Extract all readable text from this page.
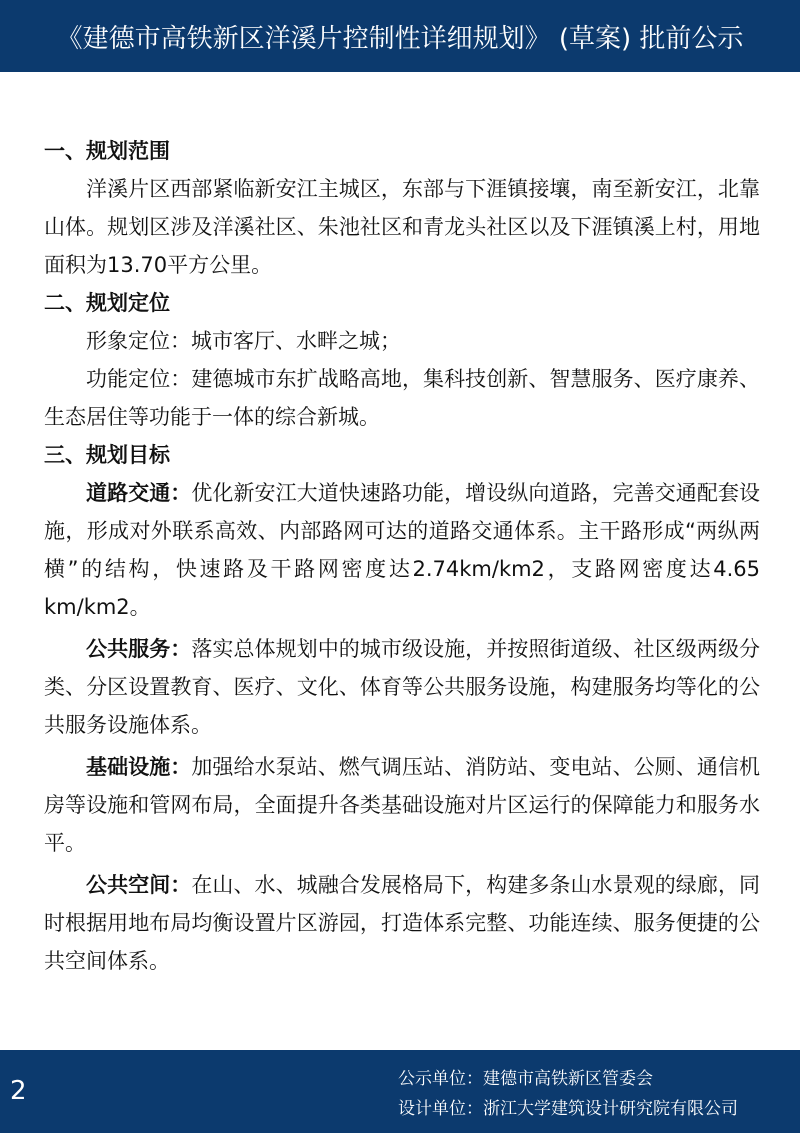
《建德市高铁新区洋溪片控制性详细规划》 (草案) 批前公示

一、规划范围

洋溪片区西部紧临新安江主城区，东部与下涯镇接壤，南至新安江，北靠山体。规划区涉及洋溪社区、朱池社区和青龙头社区以及下涯镇溪上村，用地面积为13.70平方公里。

二、规划定位

形象定位：城市客厅、水畔之城；

功能定位：建德城市东扩战略高地，集科技创新、智慧服务、医疗康养、生态居住等功能于一体的综合新城。

三、规划目标

道路交通：优化新安江大道快速路功能，增设纵向道路，完善交通配套设施，形成对外联系高效、内部路网可达的道路交通体系。主干路形成“两纵两横”的结构，快速路及干路网密度达2.74km/km2，支路网密度达4.65 km/km2。

公共服务：落实总体规划中的城市级设施，并按照街道级、社区级两级分类、分区设置教育、医疗、文化、体育等公共服务设施，构建服务均等化的公共服务设施体系。

基础设施：加强给水泵站、燃气调压站、消防站、变电站、公厕、通信机房等设施和管网布局，全面提升各类基础设施对片区运行的保障能力和服务水平。

公共空间：在山、水、城融合发展格局下，构建多条山水景观的绿廊，同时根据用地布局均衡设置片区游园，打造体系完整、功能连续、服务便捷的公共空间体系。

2	公示单位：建德市高铁新区管委会
设计单位：浙江大学建筑设计研究院有限公司
